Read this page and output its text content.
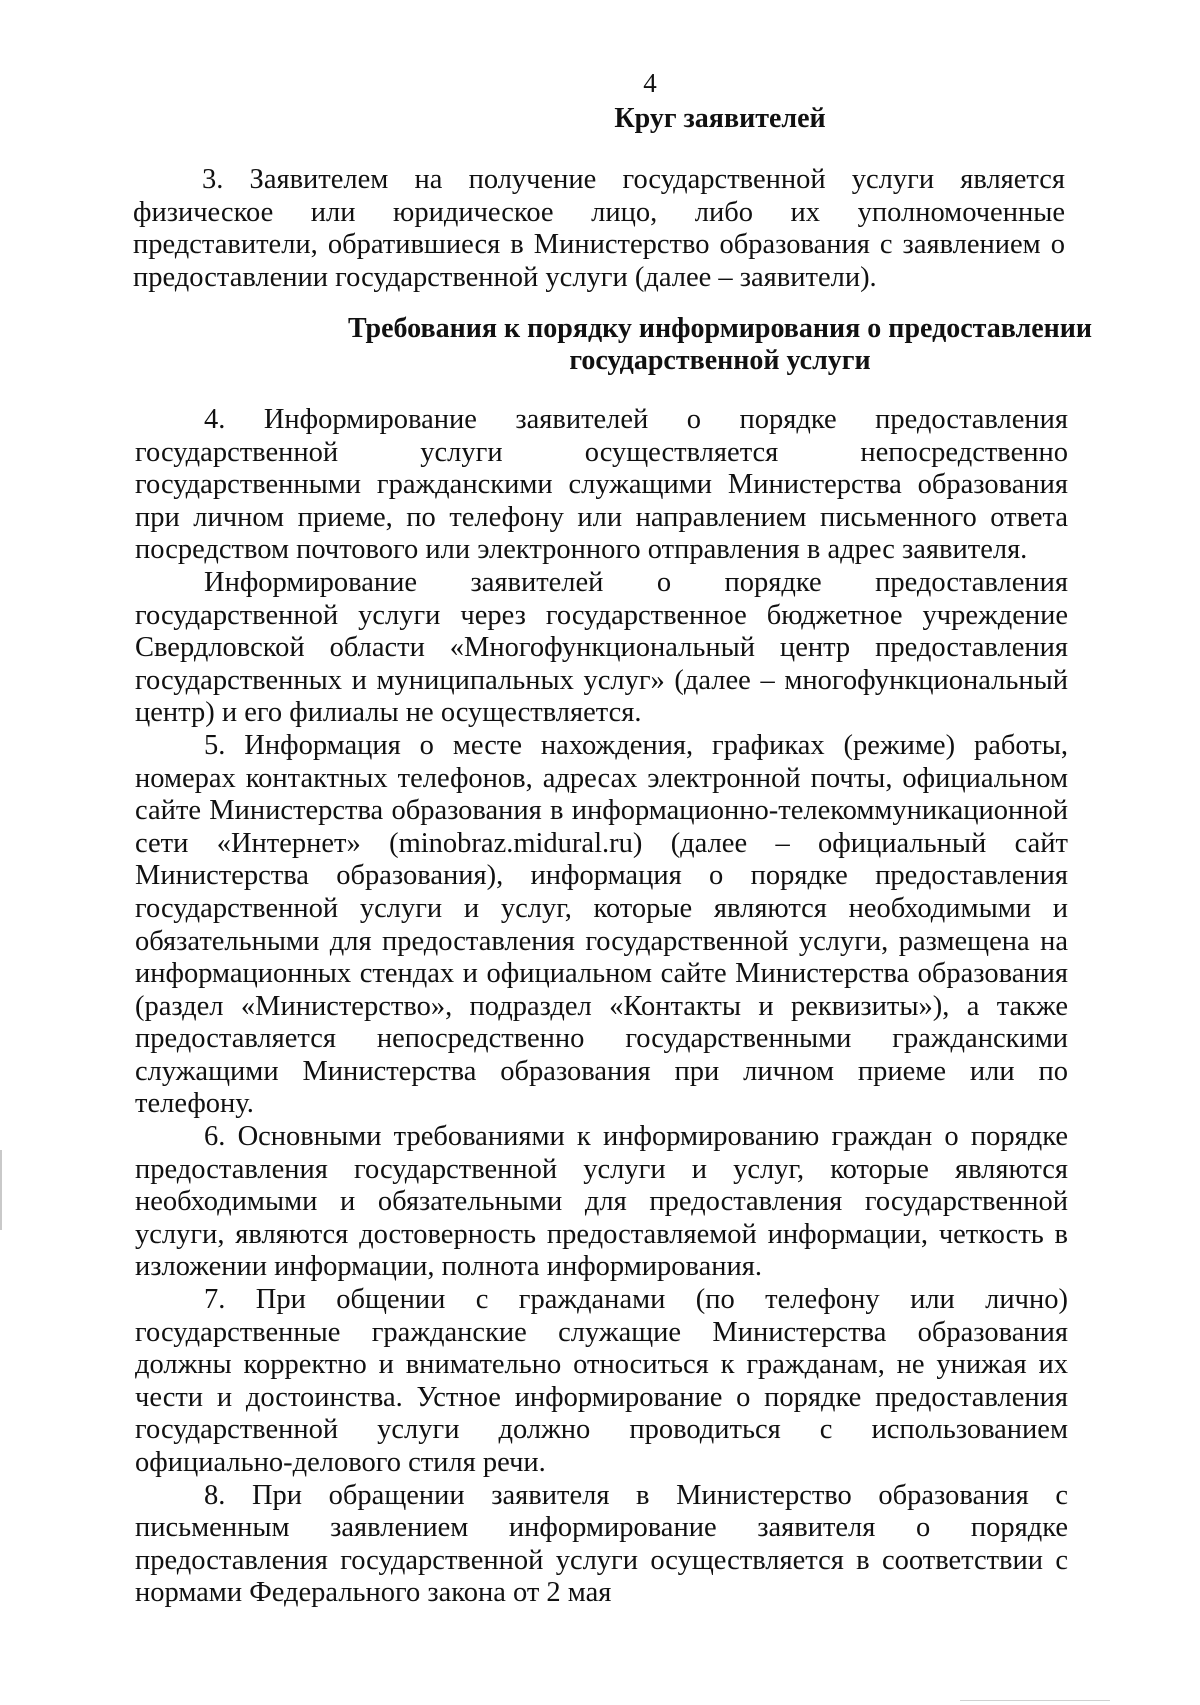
4
Круг заявителей

3. Заявителем на получение государственной услуги является физическое или юридическое лицо, либо их уполномоченные представители, обратившиеся в Министерство образования с заявлением о предоставлении государственной услуги (далее – заявители).

Требования к порядку информирования о предоставлении
государственной услуги

4. Информирование заявителей о порядке предоставления государственной услуги осуществляется непосредственно государственными гражданскими служащими Министерства образования при личном приеме, по телефону или направлением письменного ответа посредством почтового или электронного отправления в адрес заявителя.

Информирование заявителей о порядке предоставления государственной услуги через государственное бюджетное учреждение Свердловской области «Многофункциональный центр предоставления государственных и муниципальных услуг» (далее – многофункциональный центр) и его филиалы не осуществляется.

5. Информация о месте нахождения, графиках (режиме) работы, номерах контактных телефонов, адресах электронной почты, официальном сайте Министерства образования в информационно-телекоммуникационной сети «Интернет» (minobraz.midural.ru) (далее – официальный сайт Министерства образования), информация о порядке предоставления государственной услуги и услуг, которые являются необходимыми и обязательными для предоставления государственной услуги, размещена на информационных стендах и официальном сайте Министерства образования (раздел «Министерство», подраздел «Контакты и реквизиты»), а также предоставляется непосредственно государственными гражданскими служащими Министерства образования при личном приеме или по телефону.

6. Основными требованиями к информированию граждан о порядке предоставления государственной услуги и услуг, которые являются необходимыми и обязательными для предоставления государственной услуги, являются достоверность предоставляемой информации, четкость в изложении информации, полнота информирования.

7. При общении с гражданами (по телефону или лично) государственные гражданские служащие Министерства образования должны корректно и внимательно относиться к гражданам, не унижая их чести и достоинства. Устное информирование о порядке предоставления государственной услуги должно проводиться с использованием официально-делового стиля речи.

8. При обращении заявителя в Министерство образования с письменным заявлением информирование заявителя о порядке предоставления государственной услуги осуществляется в соответствии с нормами Федерального закона от 2 мая
